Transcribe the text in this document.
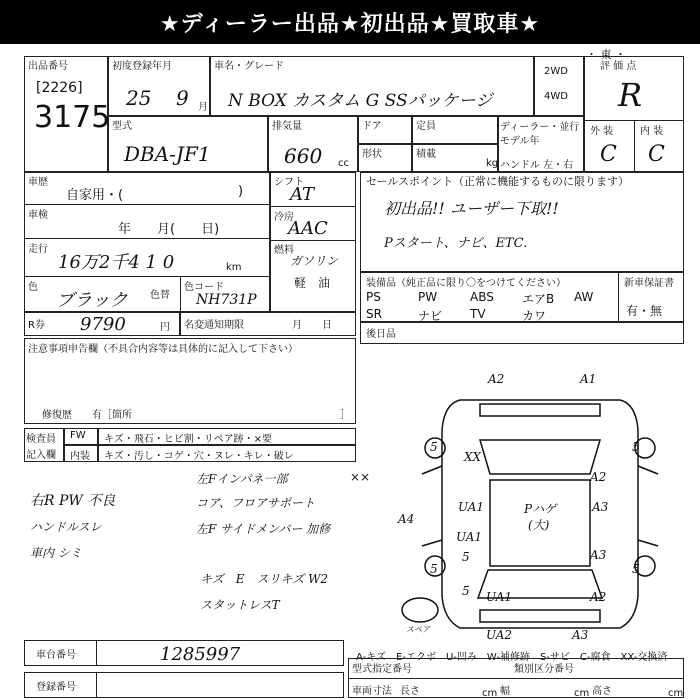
★ディーラー出品★初出品★買取車★
・ 東 ・
出品番号
[2226]
3175
初度登録年月
25 9 月
車名・グレード
N BOX カスタム G SSパッケージ
2WD
4WD
評 価 点
R
外 装	内 装
C C
型式
DBA-JF1
排気量
660 cc
ドア	定員
形状	積載
kg
ディーラー・並行
モデル年
ハンドル 左・右
車歴
自家用・(	)
車検
年　　月(　　日)
走行
16万2千4 1 0	km
色
ブラック 色替
色コード
NH731P
シフト
AT
冷房
AAC
燃料
ガソリン
軽　油
R券 9790	円 名変通知期限	月　　日
セールスポイント（正常に機能するものに限ります）
初出品!! ユーザー下取!!
Pスタート、ナビ、ETC.
装備品（純正品に限り〇をつけてください）	新車保証書
有・無
PS	PW	ABS エアB AW
SR	ナビ TV	カワ
後日品
注意事項申告欄（不具合内容等は具体的に記入して下さい）
修復歴　　有［箇所	］
検査員
記入欄
FW キズ・飛石・ヒビ割・リペア跡・×要
内装 キズ・汚し・コゲ・穴・ヌレ・キレ・破レ
左Fインパネ一部	××
コア、フロアサポート
左F サイドメンバー 加修
キズ　E　スリキズ W2
スタットレスT
右R PW 不良
ハンドルスレ
車内 シミ
A2	A1
XX
5	5
UA1
A2
A4
UA1
Pハゲ
(大)
A3
5	A3
5
5
5 UA1	A2
スペア	UA2	A3
A-キズ　E-エクボ　U-凹み　W-補修跡　S-サビ　C-腐食　XX-交換済
車台番号	1285997
登録番号
型式指定番号	類別区分番号
車両寸法 長さ	cm 幅	cm 高さ	cm
